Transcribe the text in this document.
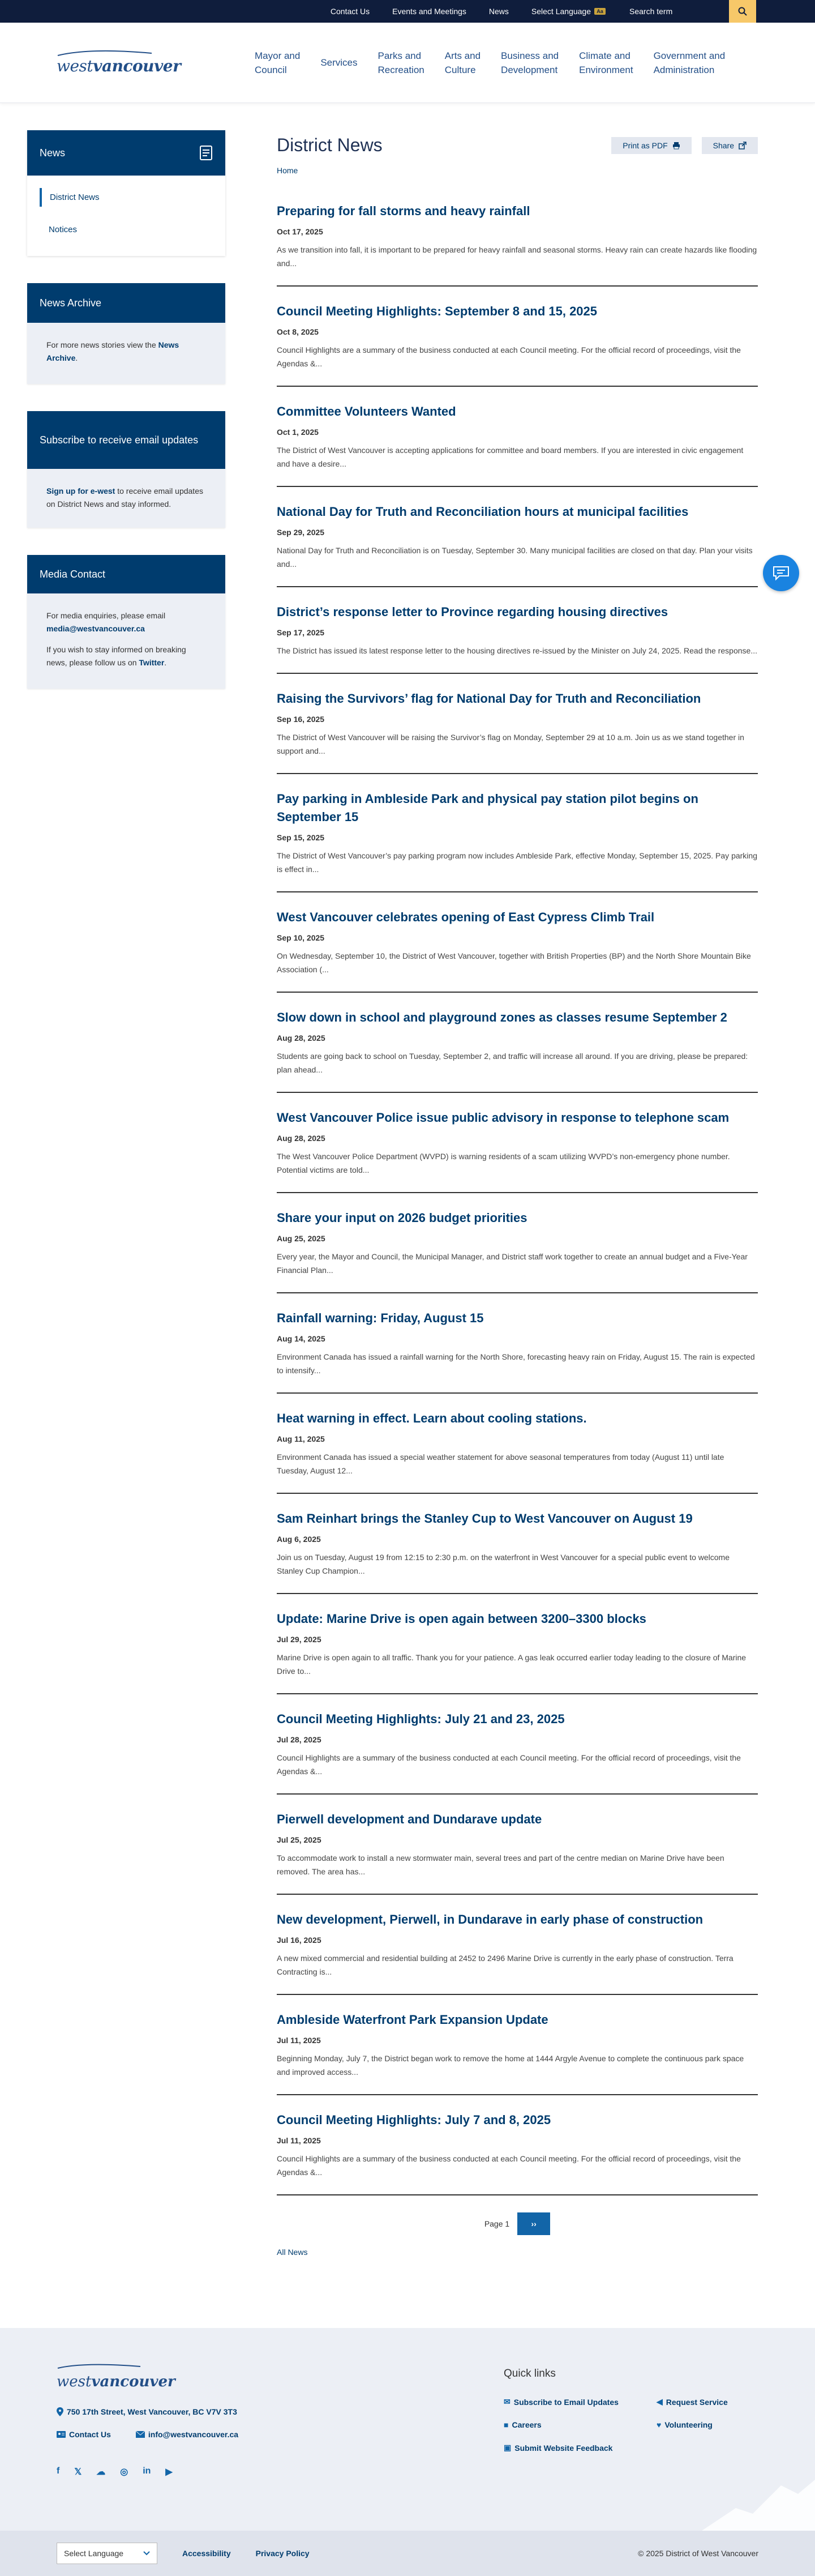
Contact Us	Events and Meetings	News	Select Language	Aa
Search term
westvancouver
Mayor and
Council
Services
Parks and
Recreation
Arts and
Culture
Business and
Development
Climate and
Environment
Government and
Administration
News
District News
Notices
News Archive
For more news stories view the News Archive.
Subscribe to receive email updates
Sign up for e-west to receive email updates on District News and stay informed.
Media Contact

For media enquiries, please email media@westvancouver.ca

If you wish to stay informed on breaking news, please follow us on Twitter.

District News	Print as PDF	Share
Home
Preparing for fall storms and heavy rainfall
Oct 17, 2025

As we transition into fall, it is important to be prepared for heavy rainfall and seasonal storms. Heavy rain can create hazards like flooding and...

Council Meeting Highlights: September 8 and 15, 2025
Oct 8, 2025

Council Highlights are a summary of the business conducted at each Council meeting. For the official record of proceedings, visit the Agendas &...

Committee Volunteers Wanted
Oct 1, 2025

The District of West Vancouver is accepting applications for committee and board members. If you are interested in civic engagement and have a desire...

National Day for Truth and Reconciliation hours at municipal facilities
Sep 29, 2025

National Day for Truth and Reconciliation is on Tuesday, September 30. Many municipal facilities are closed on that day. Plan your visits and...

District’s response letter to Province regarding housing directives
Sep 17, 2025

The District has issued its latest response letter to the housing directives re-issued by the Minister on July 24, 2025. Read the response...

Raising the Survivors’ flag for National Day for Truth and Reconciliation
Sep 16, 2025

The District of West Vancouver will be raising the Survivor’s flag on Monday, September 29 at 10 a.m. Join us as we stand together in support and...

Pay parking in Ambleside Park and physical pay station pilot begins on September 15
Sep 15, 2025

The District of West Vancouver’s pay parking program now includes Ambleside Park, effective Monday, September 15, 2025. Pay parking is effect in...

West Vancouver celebrates opening of East Cypress Climb Trail
Sep 10, 2025

On Wednesday, September 10, the District of West Vancouver, together with British Properties (BP) and the North Shore Mountain Bike Association (...

Slow down in school and playground zones as classes resume September 2
Aug 28, 2025

Students are going back to school on Tuesday, September 2, and traffic will increase all around. If you are driving, please be prepared: plan ahead...

West Vancouver Police issue public advisory in response to telephone scam
Aug 28, 2025

The West Vancouver Police Department (WVPD) is warning residents of a scam utilizing WVPD’s non-emergency phone number. Potential victims are told...

Share your input on 2026 budget priorities
Aug 25, 2025

Every year, the Mayor and Council, the Municipal Manager, and District staff work together to create an annual budget and a Five-Year Financial Plan...

Rainfall warning: Friday, August 15
Aug 14, 2025

Environment Canada has issued a rainfall warning for the North Shore, forecasting heavy rain on Friday, August 15. The rain is expected to intensify...

Heat warning in effect. Learn about cooling stations.
Aug 11, 2025

Environment Canada has issued a special weather statement for above seasonal temperatures from today (August 11) until late Tuesday, August 12...

Sam Reinhart brings the Stanley Cup to West Vancouver on August 19
Aug 6, 2025

Join us on Tuesday, August 19 from 12:15 to 2:30 p.m. on the waterfront in West Vancouver for a special public event to welcome Stanley Cup Champion...

Update: Marine Drive is open again between 3200–3300 blocks
Jul 29, 2025

Marine Drive is open again to all traffic. Thank you for your patience. A gas leak occurred earlier today leading to the closure of Marine Drive to...

Council Meeting Highlights: July 21 and 23, 2025
Jul 28, 2025

Council Highlights are a summary of the business conducted at each Council meeting. For the official record of proceedings, visit the Agendas &...

Pierwell development and Dundarave update
Jul 25, 2025

To accommodate work to install a new stormwater main, several trees and part of the centre median on Marine Drive have been removed. The area has...

New development, Pierwell, in Dundarave in early phase of construction
Jul 16, 2025

A new mixed commercial and residential building at 2452 to 2496 Marine Drive is currently in the early phase of construction. Terra Contracting is...

Ambleside Waterfront Park Expansion Update
Jul 11, 2025

Beginning Monday, July 7, the District began work to remove the home at 1444 Argyle Avenue to complete the continuous park space and improved access...

Council Meeting Highlights: July 7 and 8, 2025
Jul 11, 2025

Council Highlights are a summary of the business conducted at each Council meeting. For the official record of proceedings, visit the Agendas &...

Page 1	››
All News
westvancouver
750 17th Street, West Vancouver, BC V7V 3T3
Contact Us	info@westvancouver.ca
f 𝕏 ☁ ◎ in ▶
Quick links
✉ Subscribe to Email Updates	◀ Request Service
■ Careers	♥ Volunteering
▣ Submit Website Feedback
Select Language	Accessibility	Privacy Policy	© 2025 District of West Vancouver
